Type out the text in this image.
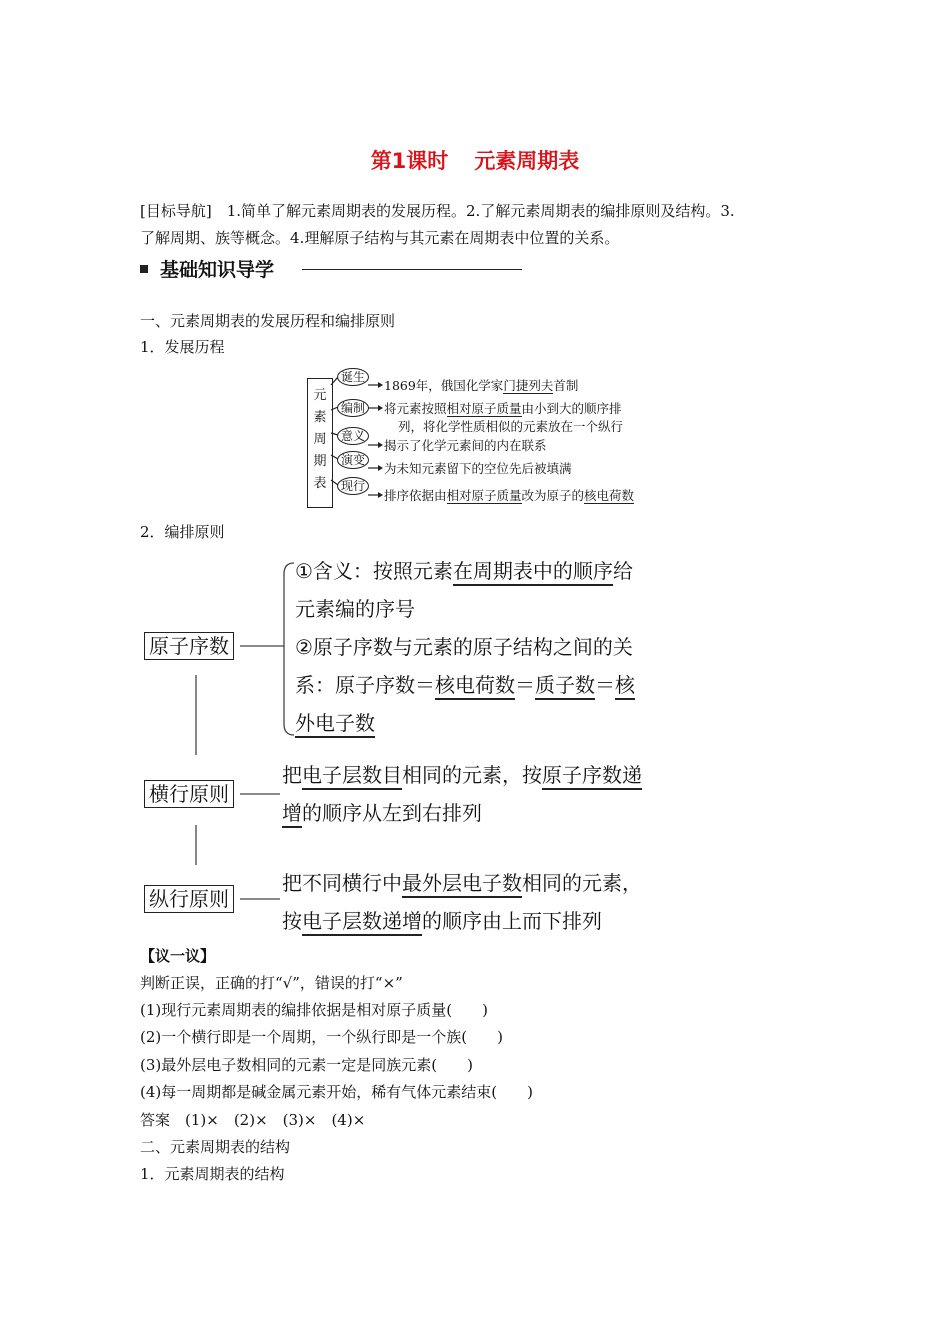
第1课时 元素周期表
[目标导航]　1.简单了解元素周期表的发展历程。2.了解元素周期表的编排原则及结构。3.
了解周期、族等概念。4.理解原子结构与其元素在周期表中位置的关系。
基础知识导学
一、元素周期表的发展历程和编排原则
1．发展历程
元
素
周
期
表
诞生
编制
意义
演变
现行
1869年，俄国化学家门捷列夫首制
将元素按照相对原子质量由小到大的顺序排
列，将化学性质相似的元素放在一个纵行
揭示了化学元素间的内在联系
为未知元素留下的空位先后被填满
排序依据由相对原子质量改为原子的核电荷数
2．编排原则
原子序数
横行原则
纵行原则
①含义：按照元素在周期表中的顺序给
元素编的序号
②原子序数与元素的原子结构之间的关
系：原子序数＝核电荷数＝质子数＝核
外电子数
把电子层数目相同的元素，按原子序数递
增的顺序从左到右排列
把不同横行中最外层电子数相同的元素，
按电子层数递增的顺序由上而下排列
【议一议】
判断正误，正确的打“√”，错误的打“×”
(1)现行元素周期表的编排依据是相对原子质量(　　)
(2)一个横行即是一个周期，一个纵行即是一个族(　　)
(3)最外层电子数相同的元素一定是同族元素(　　)
(4)每一周期都是碱金属元素开始，稀有气体元素结束(　　)
答案　(1)×　(2)×　(3)×　(4)×
二、元素周期表的结构
1．元素周期表的结构
